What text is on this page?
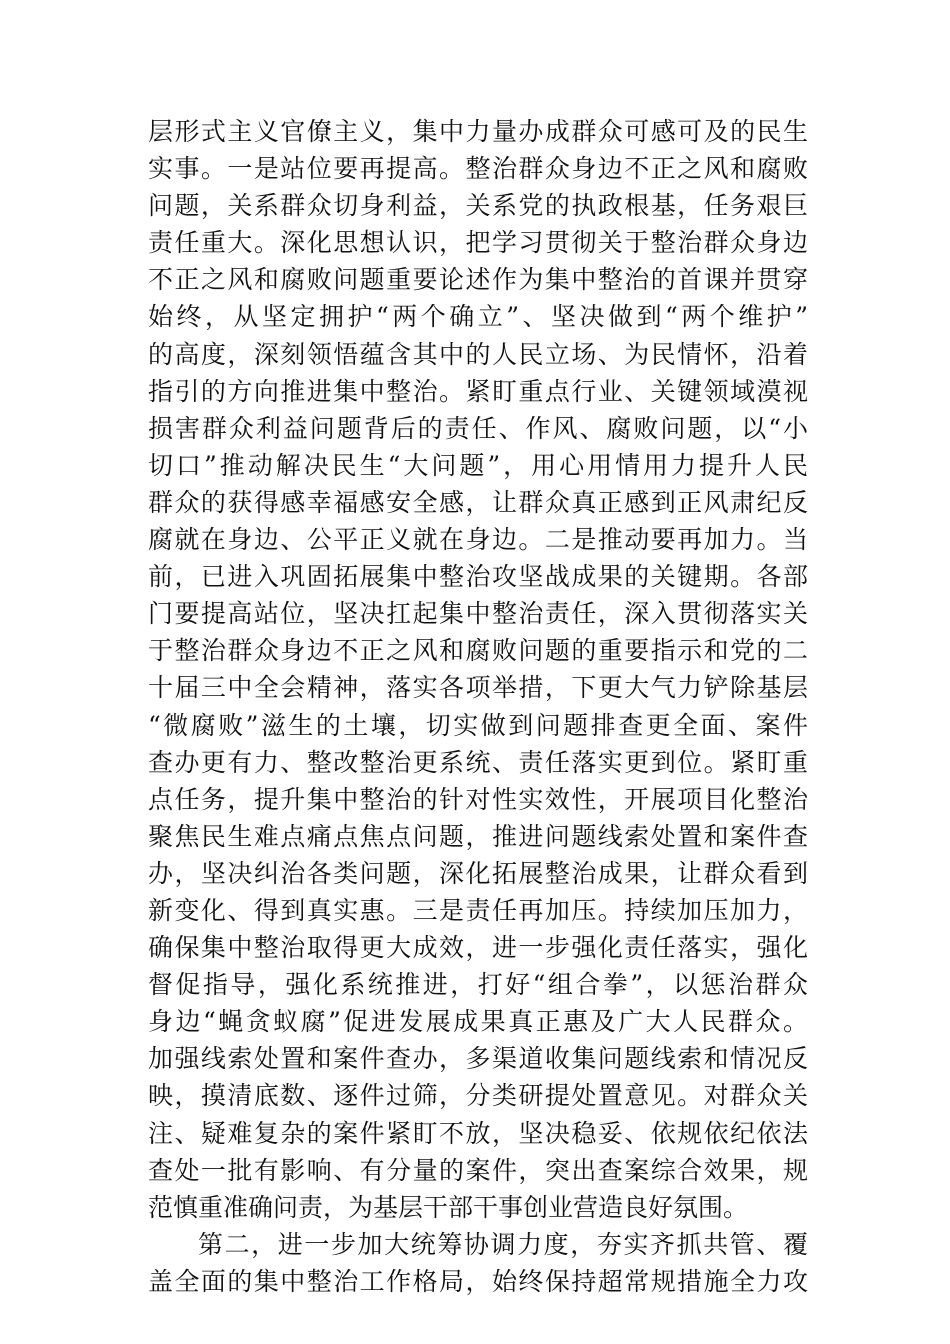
层形式主义官僚主义，集中力量办成群众可感可及的民生
实事。一是站位要再提高。整治群众身边不正之风和腐败
问题，关系群众切身利益，关系党的执政根基，任务艰巨
责任重大。深化思想认识，把学习贯彻关于整治群众身边
不正之风和腐败问题重要论述作为集中整治的首课并贯穿
始终，从坚定拥护“两个确立”、坚决做到“两个维护”
的高度，深刻领悟蕴含其中的人民立场、为民情怀，沿着
指引的方向推进集中整治。紧盯重点行业、关键领域漠视
损害群众利益问题背后的责任、作风、腐败问题，以“小
切口”推动解决民生“大问题”，用心用情用力提升人民
群众的获得感幸福感安全感，让群众真正感到正风肃纪反
腐就在身边、公平正义就在身边。二是推动要再加力。当
前，已进入巩固拓展集中整治攻坚战成果的关键期。各部
门要提高站位，坚决扛起集中整治责任，深入贯彻落实关
于整治群众身边不正之风和腐败问题的重要指示和党的二
十届三中全会精神，落实各项举措，下更大气力铲除基层
“微腐败”滋生的土壤，切实做到问题排查更全面、案件
查办更有力、整改整治更系统、责任落实更到位。紧盯重
点任务，提升集中整治的针对性实效性，开展项目化整治
聚焦民生难点痛点焦点问题，推进问题线索处置和案件查
办，坚决纠治各类问题，深化拓展整治成果，让群众看到
新变化、得到真实惠。三是责任再加压。持续加压加力，
确保集中整治取得更大成效，进一步强化责任落实，强化
督促指导，强化系统推进，打好“组合拳”，以惩治群众
身边“蝇贪蚁腐”促进发展成果真正惠及广大人民群众。
加强线索处置和案件查办，多渠道收集问题线索和情况反
映，摸清底数、逐件过筛，分类研提处置意见。对群众关
注、疑难复杂的案件紧盯不放，坚决稳妥、依规依纪依法
查处一批有影响、有分量的案件，突出查案综合效果，规
范慎重准确问责，为基层干部干事创业营造良好氛围。
第二，进一步加大统筹协调力度，夯实齐抓共管、覆
盖全面的集中整治工作格局，始终保持超常规措施全力攻
